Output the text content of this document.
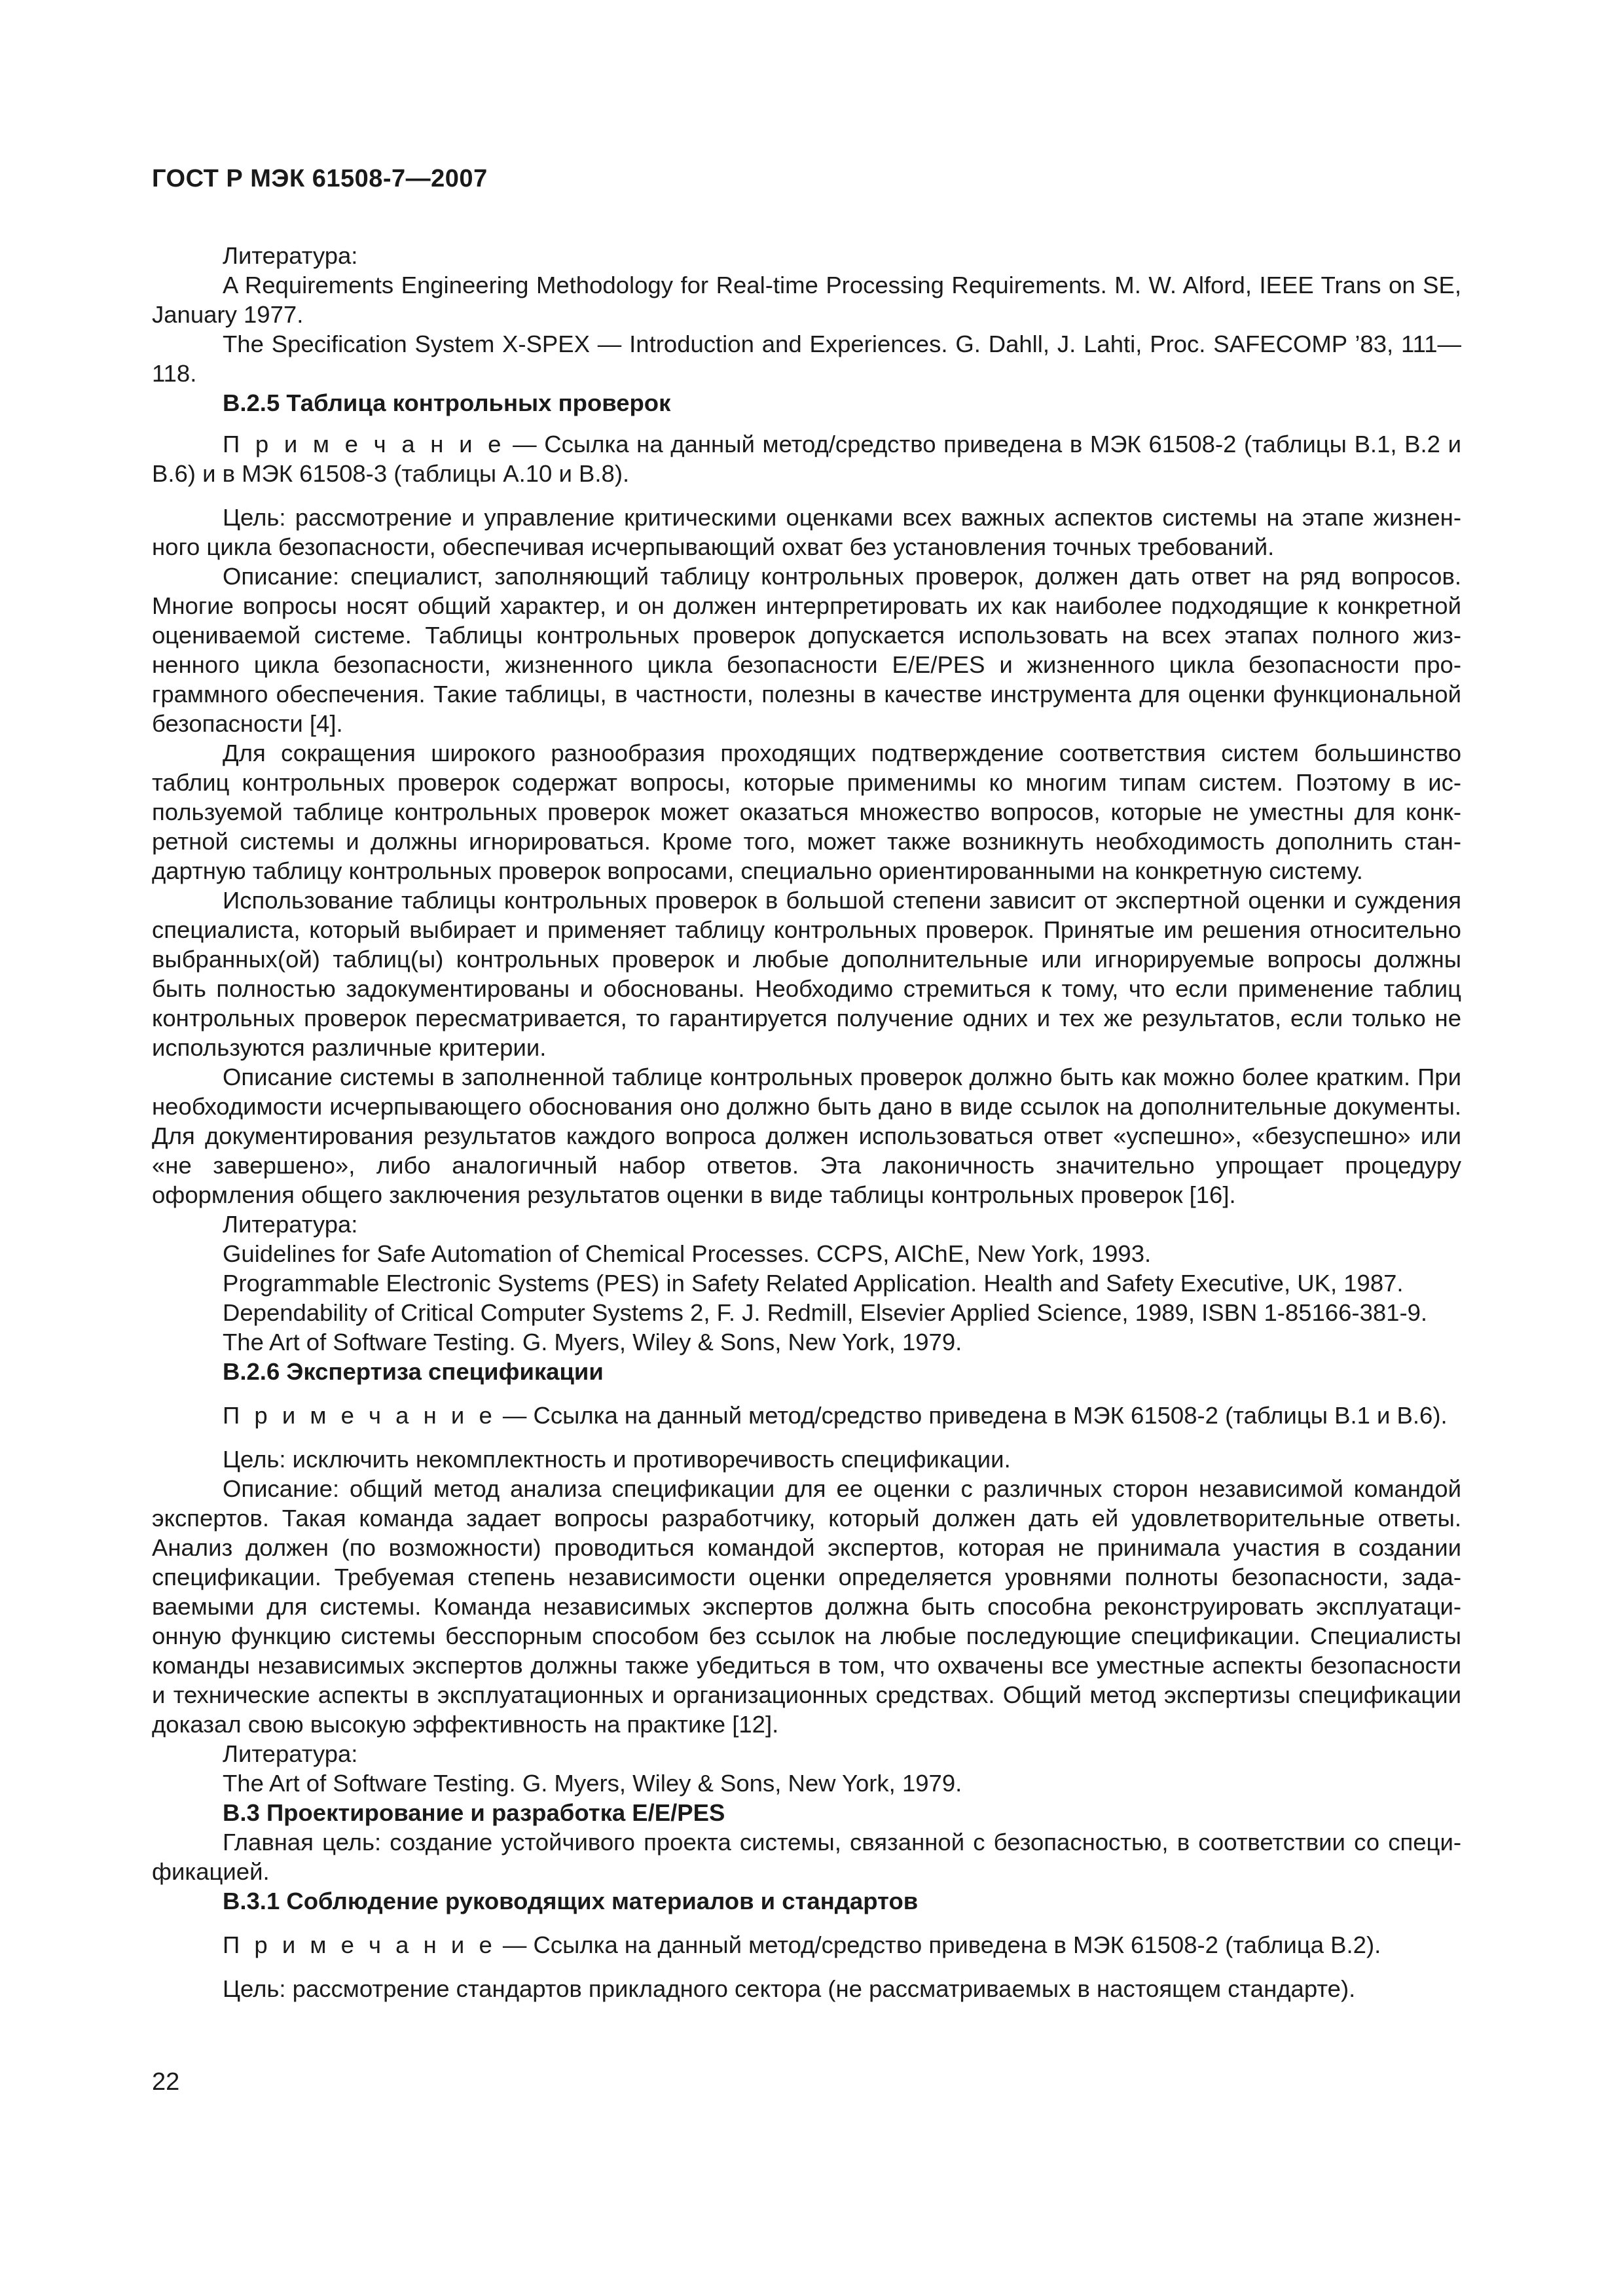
ГОСТ Р МЭК 61508-7—2007

Литература:

A Requirements Engineering Methodology for Real-time Processing Requirements. M. W. Alford, IEEE Trans on SE, January 1977.

The Specification System X-SPEX — Introduction and Experiences. G. Dahll, J. Lahti, Proc. SAFECOMP ’83, 111—118.

B.2.5 Таблица контрольных проверок

П р и м е ч а н и е — Ссылка на данный метод/средство приведена в МЭК 61508-2 (таблицы B.1, B.2 и B.6) и в МЭК 61508-3 (таблицы A.10 и B.8).

Цель: рассмотрение и управление критическими оценками всех важных аспектов системы на этапе жизненного цикла безопасности, обеспечивая исчерпывающий охват без установления точных требований.

Описание: специалист, заполняющий таблицу контрольных проверок, должен дать ответ на ряд вопросов. Многие вопросы носят общий характер, и он должен интерпретировать их как наиболее подходящие к конкретной оцениваемой системе. Таблицы контрольных проверок допускается использовать на всех этапах полного жизненного цикла безопасности, жизненного цикла безопасности E/E/PES и жизненного цикла безопасности программного обеспечения. Такие таблицы, в частности, полезны в качестве инструмента для оценки функциональной безопасности [4].

Для сокращения широкого разнообразия проходящих подтверждение соответствия систем большинство таблиц контрольных проверок содержат вопросы, которые применимы ко многим типам систем. Поэтому в используемой таблице контрольных проверок может оказаться множество вопросов, которые не уместны для конкретной системы и должны игнорироваться. Кроме того, может также возникнуть необходимость дополнить стандартную таблицу контрольных проверок вопросами, специально ориентированными на конкретную систему.

Использование таблицы контрольных проверок в большой степени зависит от экспертной оценки и суждения специалиста, который выбирает и применяет таблицу контрольных проверок. Принятые им решения относительно выбранных(ой) таблиц(ы) контрольных проверок и любые дополнительные или игнорируемые вопросы должны быть полностью задокументированы и обоснованы. Необходимо стремиться к тому, что если применение таблиц контрольных проверок пересматривается, то гарантируется получение одних и тех же результатов, если только не используются различные критерии.

Описание системы в заполненной таблице контрольных проверок должно быть как можно более кратким. При необходимости исчерпывающего обоснования оно должно быть дано в виде ссылок на дополнительные документы. Для документирования результатов каждого вопроса должен использоваться ответ «успешно», «безуспешно» или «не завершено», либо аналогичный набор ответов. Эта лаконичность значительно упрощает процедуру оформления общего заключения результатов оценки в виде таблицы контрольных проверок [16].

Литература:

Guidelines for Safe Automation of Chemical Processes. CCPS, AIChE, New York, 1993.

Programmable Electronic Systems (PES) in Safety Related Application. Health and Safety Executive, UK, 1987.

Dependability of Critical Computer Systems 2, F. J. Redmill, Elsevier Applied Science, 1989, ISBN 1-85166-381-9.

The Art of Software Testing. G. Myers, Wiley & Sons, New York, 1979.

B.2.6 Экспертиза спецификации

П р и м е ч а н и е — Ссылка на данный метод/средство приведена в МЭК 61508-2 (таблицы B.1 и B.6).

Цель: исключить некомплектность и противоречивость спецификации.

Описание: общий метод анализа спецификации для ее оценки с различных сторон независимой командой экспертов. Такая команда задает вопросы разработчику, который должен дать ей удовлетворительные ответы. Анализ должен (по возможности) проводиться командой экспертов, которая не принимала участия в создании спецификации. Требуемая степень независимости оценки определяется уровнями полноты безопасности, задаваемыми для системы. Команда независимых экспертов должна быть способна реконструировать эксплуатационную функцию системы бесспорным способом без ссылок на любые последующие спецификации. Специалисты команды независимых экспертов должны также убедиться в том, что охвачены все уместные аспекты безопасности и технические аспекты в эксплуатационных и организационных средствах. Общий метод экспертизы спецификации доказал свою высокую эффективность на практике [12].

Литература:

The Art of Software Testing. G. Myers, Wiley & Sons, New York, 1979.

B.3 Проектирование и разработка E/E/PES

Главная цель: создание устойчивого проекта системы, связанной с безопасностью, в соответствии со спецификацией.

B.3.1 Соблюдение руководящих материалов и стандартов

П р и м е ч а н и е — Ссылка на данный метод/средство приведена в МЭК 61508-2 (таблица B.2).

Цель: рассмотрение стандартов прикладного сектора (не рассматриваемых в настоящем стандарте).

22
